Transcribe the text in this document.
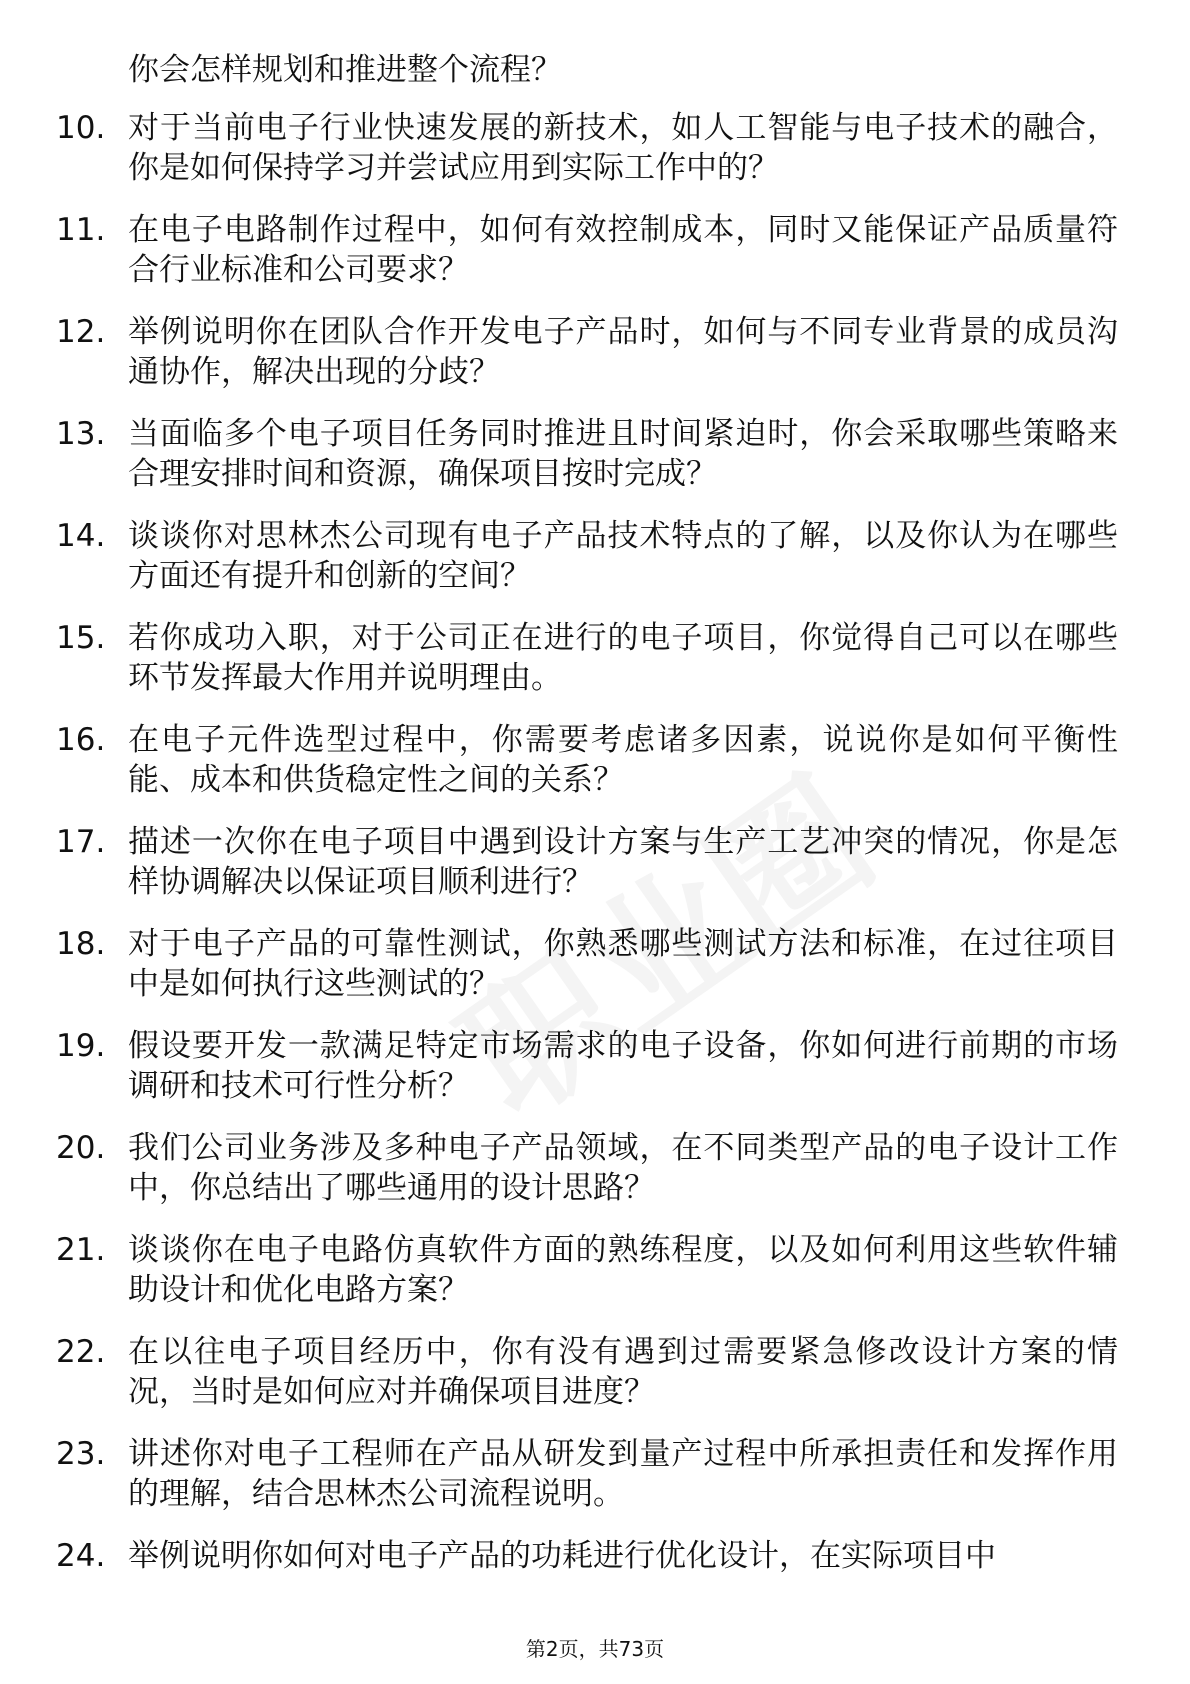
你会怎样规划和推进整个流程？
10. 对于当前电子行业快速发展的新技术，如人工智能与电子技术的融合，你是如何保持学习并尝试应用到实际工作中的？
11. 在电子电路制作过程中，如何有效控制成本，同时又能保证产品质量符合行业标准和公司要求？
12. 举例说明你在团队合作开发电子产品时，如何与不同专业背景的成员沟通协作，解决出现的分歧？
13. 当面临多个电子项目任务同时推进且时间紧迫时，你会采取哪些策略来合理安排时间和资源，确保项目按时完成？
14. 谈谈你对思林杰公司现有电子产品技术特点的了解，以及你认为在哪些方面还有提升和创新的空间？
15. 若你成功入职，对于公司正在进行的电子项目，你觉得自己可以在哪些环节发挥最大作用并说明理由。
16. 在电子元件选型过程中，你需要考虑诸多因素，说说你是如何平衡性能、成本和供货稳定性之间的关系？
17. 描述一次你在电子项目中遇到设计方案与生产工艺冲突的情况，你是怎样协调解决以保证项目顺利进行？
18. 对于电子产品的可靠性测试，你熟悉哪些测试方法和标准，在过往项目中是如何执行这些测试的？
19. 假设要开发一款满足特定市场需求的电子设备，你如何进行前期的市场调研和技术可行性分析？
20. 我们公司业务涉及多种电子产品领域，在不同类型产品的电子设计工作中，你总结出了哪些通用的设计思路？
21. 谈谈你在电子电路仿真软件方面的熟练程度，以及如何利用这些软件辅助设计和优化电路方案？
22. 在以往电子项目经历中，你有没有遇到过需要紧急修改设计方案的情况，当时是如何应对并确保项目进度？
23. 讲述你对电子工程师在产品从研发到量产过程中所承担责任和发挥作用的理解，结合思林杰公司流程说明。
24. 举例说明你如何对电子产品的功耗进行优化设计，在实际项目中
第2页，共73页
